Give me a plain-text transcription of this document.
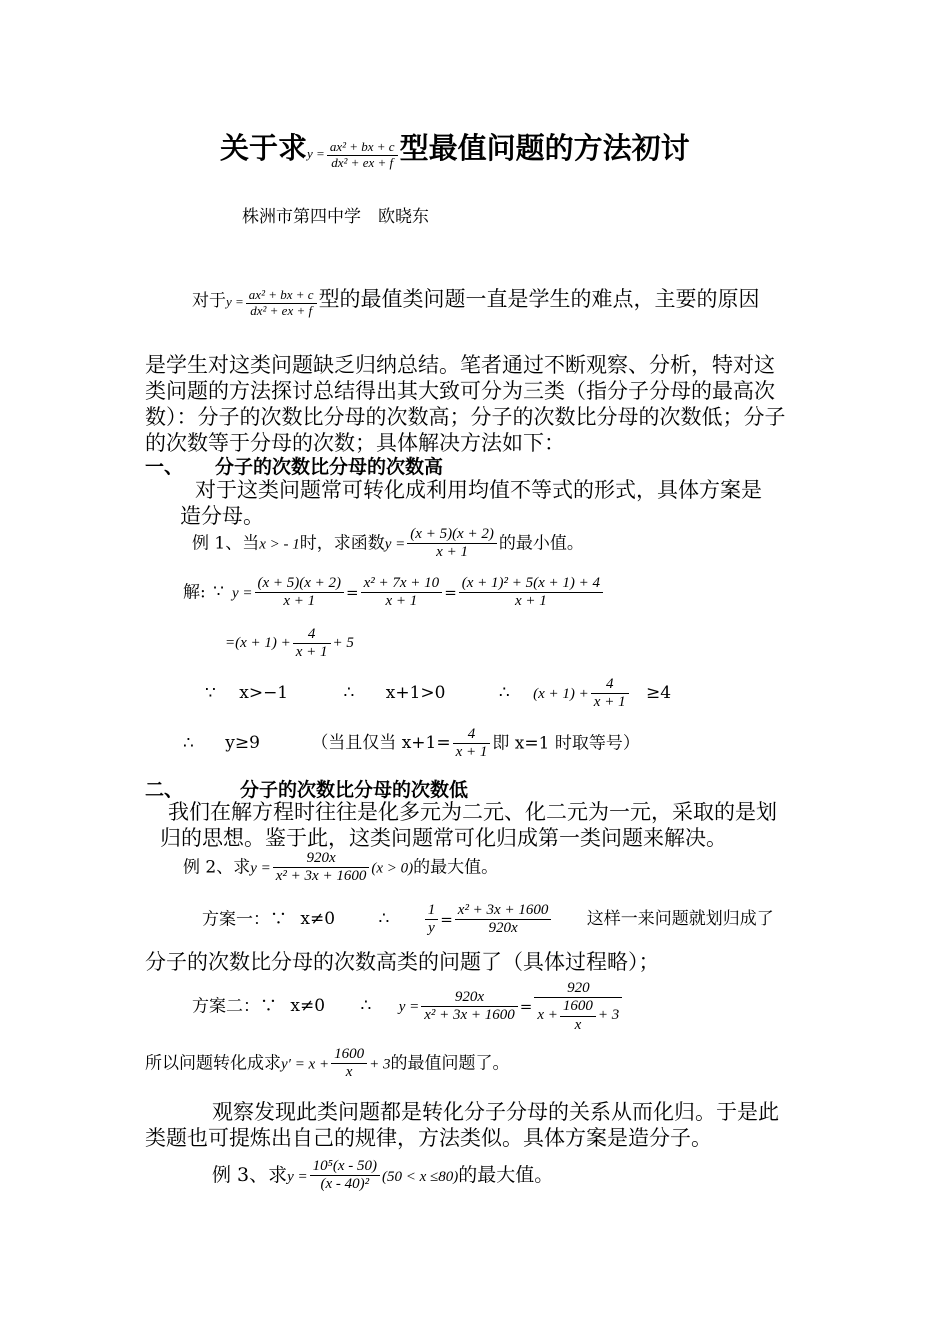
关于求$y = \frac{\text{ax² + bx + c}}{\text{dx² + ex + f}}$ 型最值问题的方法初讨
株洲市第四中学　欧晓东
对于$y = \frac{\text{ax² + bx + c}}{\text{dx² + ex + f}}$ 型的最值类问题一直是学生的难点，主要的原因
是学生对这类问题缺乏归纳总结。笔者通过不断观察、分析，特对这
类问题的方法探讨总结得出其大致可分为三类（指分子分母的最高次
数）：分子的次数比分母的次数高；分子的次数比分母的次数低；分子
的次数等于分母的次数；具体解决方法如下：
一、 分子的次数比分母的次数高
对于这类问题常可转化成利用均值不等式的形式，具体方案是
造分母。
例 1、当x > - 1时，求函数$y = \frac{(x + 5)(x + 2)}{x + 1}$ 的最小值。
解: ∵ $y = \frac{(x + 5)(x + 2)}{x + 1} = \frac{\text{x² + 7x + 10}}{x + 1} = \frac{\text{(x + 1)² + 5(x + 1) + 4}}{x + 1}$
$=(x + 1) + \frac{4}{x + 1} + 5$
∵ x>−1	∴ x+1>0	∴ $(x + 1) + \frac{4}{x + 1} \ge 4$
∴ y≥9	（当且仅当 $x+1= \frac{4}{x + 1}$ 即 x=1 时取等号）
二、	分子的次数比分母的次数低
我们在解方程时往往是化多元为二元、化二元为一元，采取的是划
归的思想。鉴于此，这类问题常可化归成第一类问题来解决。
例 2、求$y = \frac{920x}{\text{x² + 3x + 1600}} (x > 0)$的最大值。
方案一：∵ x≠0	∴ $\frac{1}{y} = \frac{\text{x² + 3x + 1600}}{920x}$ 这样一来问题就划归成了
分子的次数比分母的次数高类的问题了（具体过程略）；
方案二：∵ x≠0 ∴ $y = \frac{920x}{\text{x² + 3x + 1600}} = \frac{920}{x + \frac{1600}{x} + 3}$
所以问题转化成求$y' = x + \frac{1600}{x} + 3$的最值问题了。
观察发现此类问题都是转化分子分母的关系从而化归。于是此
类题也可提炼出自己的规律，方法类似。具体方案是造分子。
例 3、求$y = \frac{\text{10⁵(x - 50)}}{\text{(x - 40)²}} (50 < x \le 80)$的最大值。
